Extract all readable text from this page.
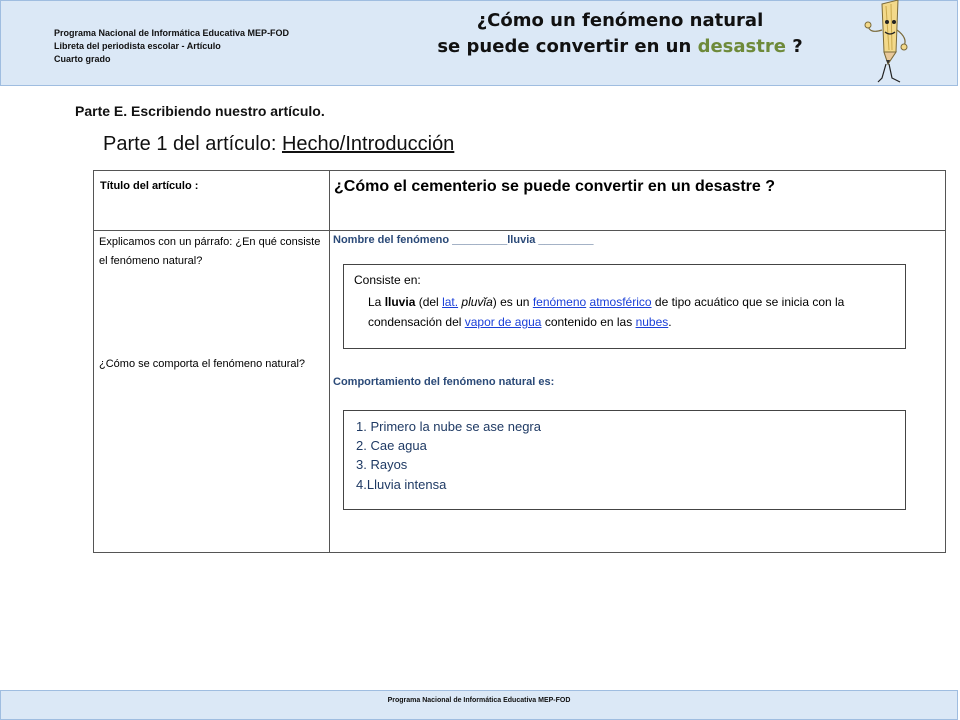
Programa Nacional de Informática Educativa MEP-FOD
Libreta del periodista escolar - Artículo
Cuarto grado
¿Cómo un fenómeno natural
se puede convertir en un desastre ?
Parte E. Escribiendo nuestro artículo.
Parte 1 del artículo: Hecho/Introducción
Título del artículo :	¿Cómo el cementerio se puede convertir en un desastre ?
Explicamos con un párrafo: ¿En qué consiste el fenómeno natural?
¿Cómo se comporta el fenómeno natural?
Nombre del fenómeno _________lluvia _________
Consiste en:
La lluvia (del lat. pluvĭa) es un fenómeno atmosférico de tipo acuático que se inicia con la condensación del vapor de agua contenido en las nubes.
Comportamiento del fenómeno natural es:
1. Primero la nube se ase negra
2. Cae agua
3. Rayos
4.Lluvia intensa
Programa Nacional de Informática Educativa MEP-FOD
